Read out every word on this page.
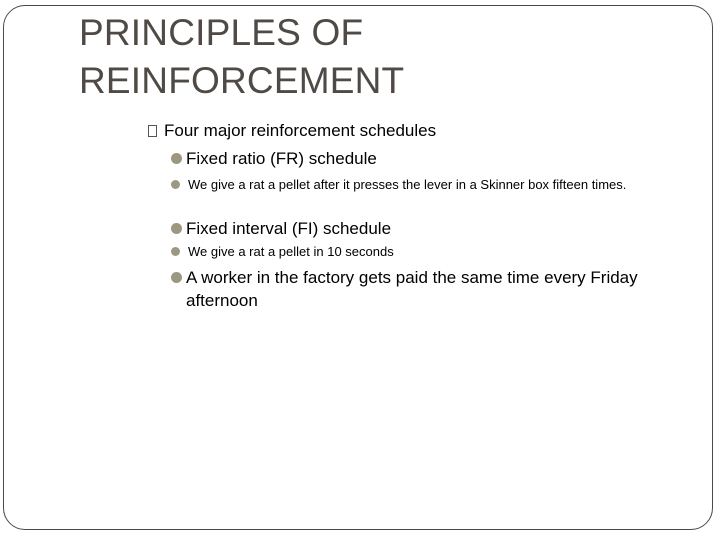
PRINCIPLES OF REINFORCEMENT
Four major reinforcement schedules
Fixed ratio (FR) schedule
We give a rat a pellet after it presses the lever in a Skinner box fifteen times.
Fixed interval (FI) schedule
We give a rat a pellet in 10 seconds
A worker in the factory gets paid the same time every Friday afternoon
